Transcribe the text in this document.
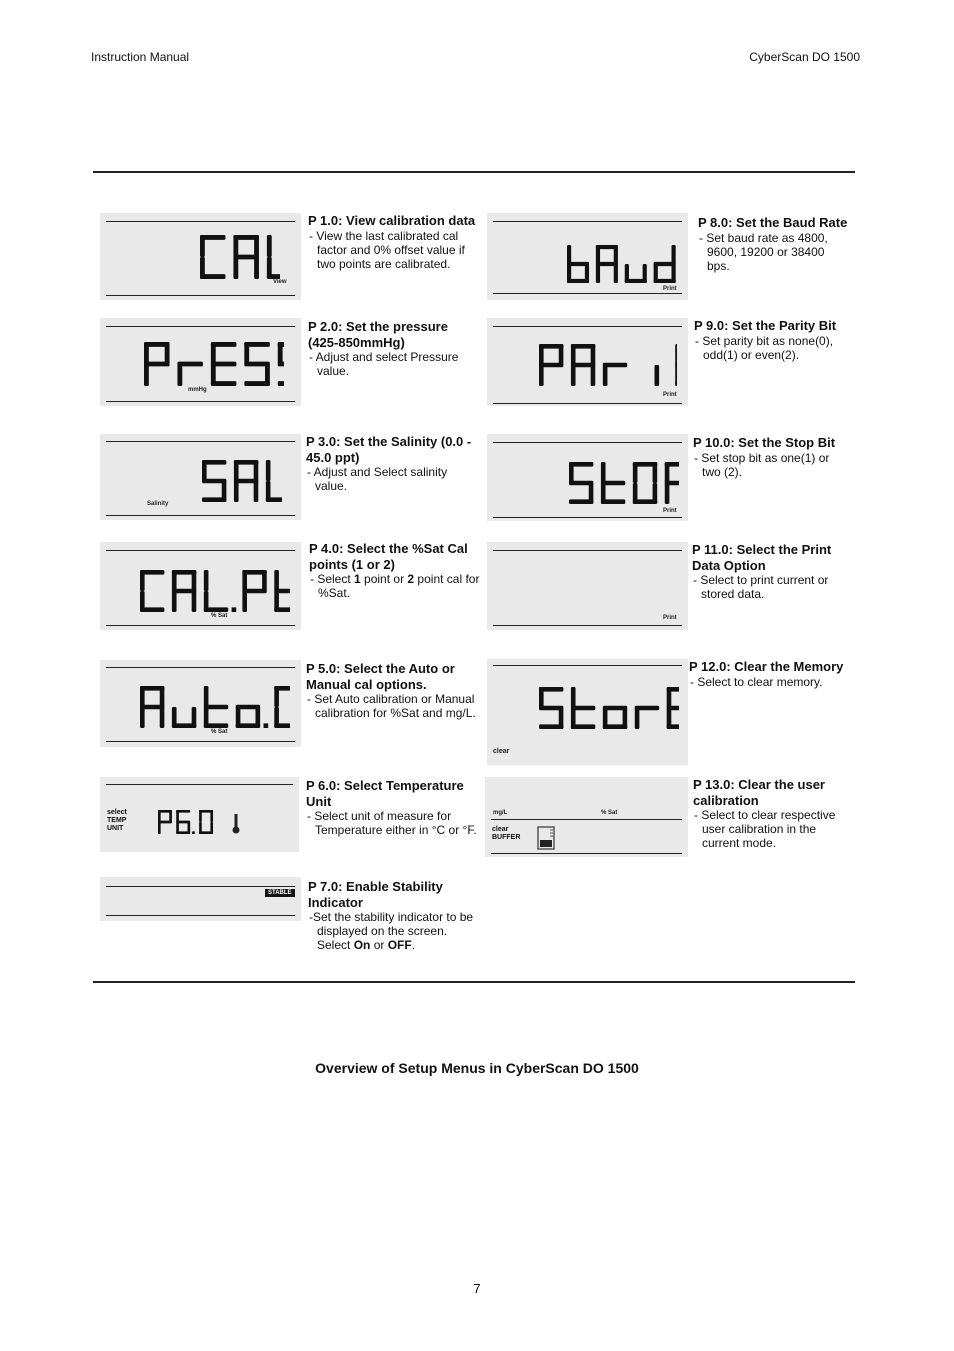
Instruction Manual	CyberScan DO 1500
View
P 1.0: View calibration data
- View the last calibrated cal factor and 0% offset value if two points are calibrated.
mmHg
P 2.0: Set the pressure (425-850mmHg)
- Adjust and select Pressure value.
Salinity
P 3.0: Set the Salinity (0.0 - 45.0 ppt)
- Adjust and Select salinity value.
% Sat
P 4.0: Select the %Sat Cal points (1 or 2)
- Select 1 point or 2 point cal for %Sat.
% Sat
P 5.0: Select the Auto or Manual cal options.
- Set Auto calibration or Manual calibration for %Sat and mg/L.
select
TEMP
UNIT
P 6.0: Select Temperature Unit
- Select unit of measure for Temperature either in °C or °F.
STABLE P 7.0: Enable Stability Indicator
-Set the stability indicator to be displayed on the screen. Select On or OFF.
Print
P 8.0: Set the Baud Rate
- Set baud rate as 4800, 9600, 19200 or 38400 bps.
Print
P 9.0: Set the Parity Bit
- Set parity bit as none(0), odd(1) or even(2).
Print
P 10.0: Set the Stop Bit
- Set stop bit as one(1) or two (2).
Print
P 11.0: Select the Print Data Option
- Select to print current or stored data.
clear
P 12.0: Clear the Memory
- Select to clear memory.
mg/L	% Sat
clear
BUFFER
P 13.0: Clear the user calibration
- Select to clear respective user calibration in the current mode.
Overview of Setup Menus in CyberScan DO 1500
7
